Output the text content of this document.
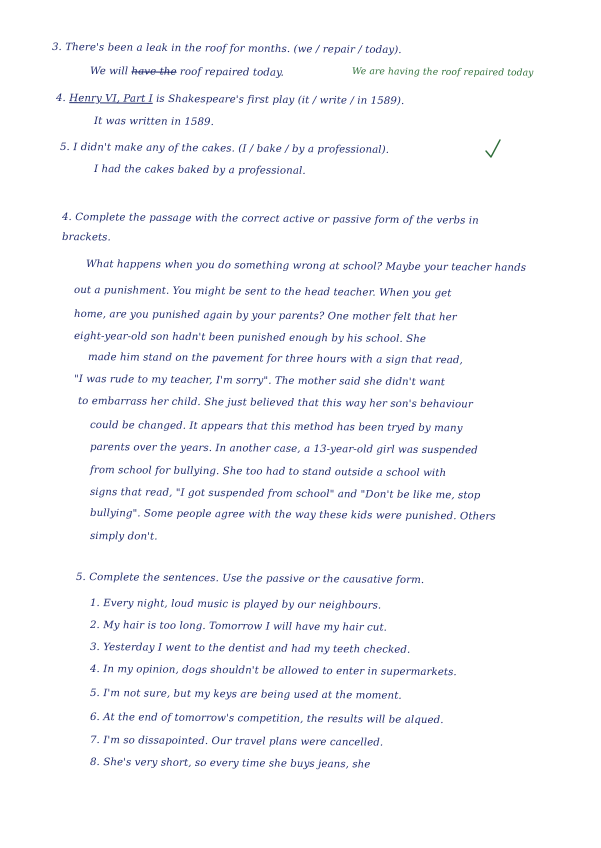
3. There's been a leak in the roof for months. (we / repair / today).
We will have the roof repaired today.	We are having the roof repaired today
4. Henry VI, Part I is Shakespeare's first play (it / write / in 1589).
It was written in 1589.
5. I didn't make any of the cakes. (I / bake / by a professional).
I had the cakes baked by a professional.
4. Complete the passage with the correct active or passive form of the verbs in
brackets.
What happens when you do something wrong at school? Maybe your teacher hands
out a punishment. You might be sent to the head teacher. When you get
home, are you punished again by your parents? One mother felt that her
eight-year-old son hadn't been punished enough by his school. She
made him stand on the pavement for three hours with a sign that read,
"I was rude to my teacher, I'm sorry". The mother said she didn't want
to embarrass her child. She just believed that this way her son's behaviour
could be changed. It appears that this method has been tryed by many
parents over the years. In another case, a 13-year-old girl was suspended
from school for bullying. She too had to stand outside a school with
signs that read, "I got suspended from school" and "Don't be like me, stop
bullying". Some people agree with the way these kids were punished. Others
simply don't.
5. Complete the sentences. Use the passive or the causative form.
1. Every night, loud music is played by our neighbours.
2. My hair is too long. Tomorrow I will have my hair cut.
3. Yesterday I went to the dentist and had my teeth checked.
4. In my opinion, dogs shouldn't be allowed to enter in supermarkets.
5. I'm not sure, but my keys are being used at the moment.
6. At the end of tomorrow's competition, the results will be alqued.
7. I'm so dissapointed. Our travel plans were cancelled.
8. She's very short, so every time she buys jeans, she
